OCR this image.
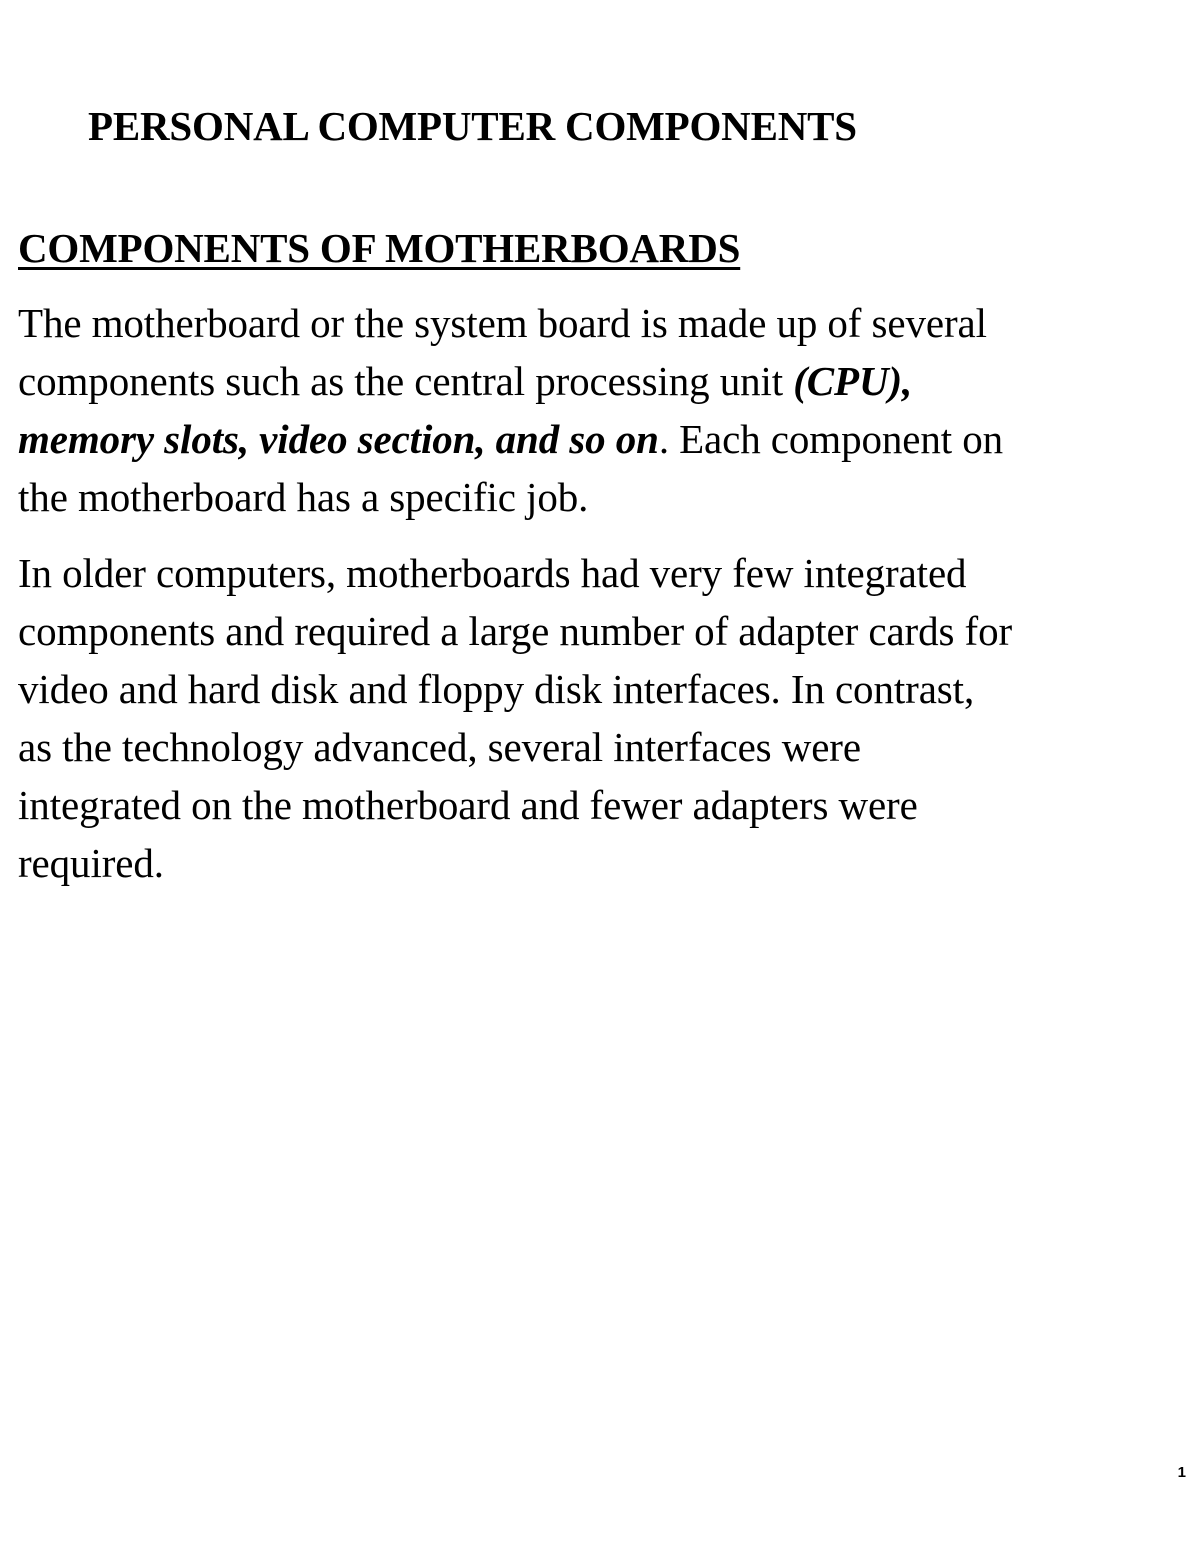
PERSONAL COMPUTER COMPONENTS
COMPONENTS OF MOTHERBOARDS

The motherboard or the system board is made up of several
components such as the central processing unit (CPU),
memory slots, video section, and so on. Each component on
the motherboard has a specific job.

In older computers, motherboards had very few integrated
components and required a large number of adapter cards for
video and hard disk and floppy disk interfaces. In contrast,
as the technology advanced, several interfaces were
integrated on the motherboard and fewer adapters were
required.

1
